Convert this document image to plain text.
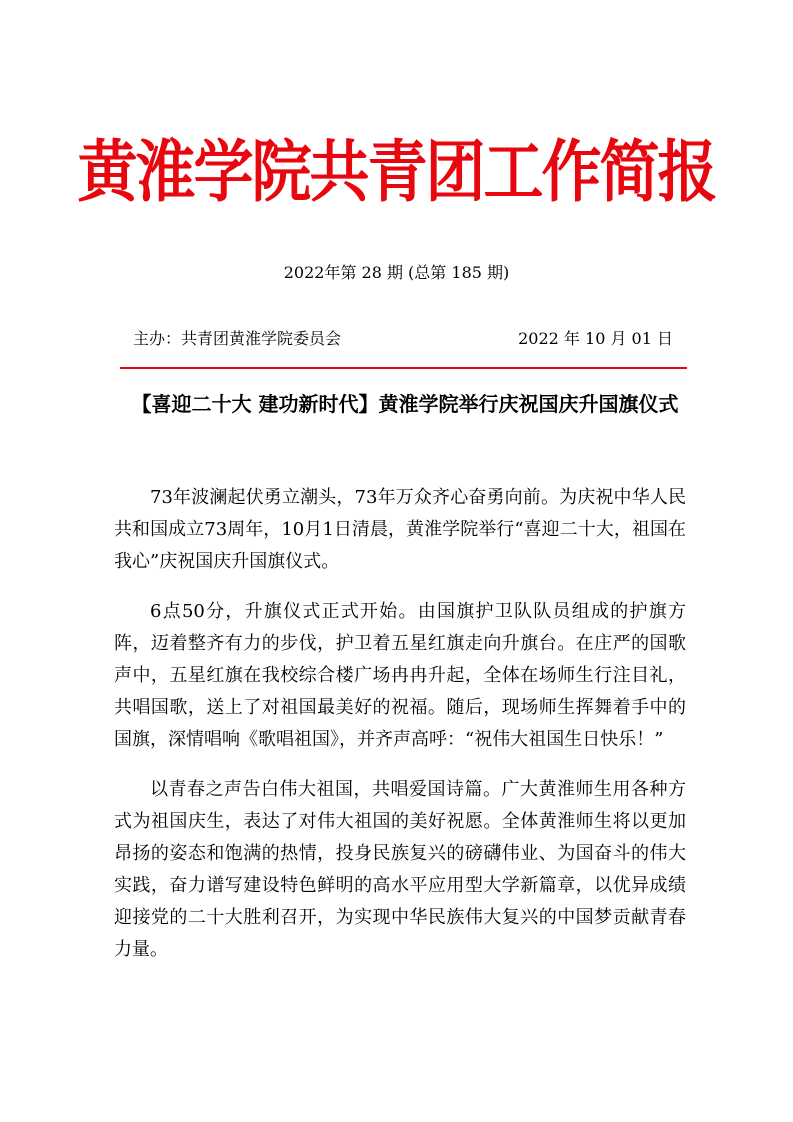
黄淮学院共青团工作简报
2022年第 28 期 (总第 185 期)
主办：共青团黄淮学院委员会	2022 年 10 月 01 日
【喜迎二十大 建功新时代】黄淮学院举行庆祝国庆升国旗仪式

73年波澜起伏勇立潮头，73年万众齐心奋勇向前。为庆祝中华人民共和国成立73周年，10月1日清晨，黄淮学院举行“喜迎二十大，祖国在我心”庆祝国庆升国旗仪式。

6点50分，升旗仪式正式开始。由国旗护卫队队员组成的护旗方阵，迈着整齐有力的步伐，护卫着五星红旗走向升旗台。在庄严的国歌声中，五星红旗在我校综合楼广场冉冉升起，全体在场师生行注目礼，共唱国歌，送上了对祖国最美好的祝福。随后，现场师生挥舞着手中的国旗，深情唱响《歌唱祖国》，并齐声高呼：“祝伟大祖国生日快乐！”

以青春之声告白伟大祖国，共唱爱国诗篇。广大黄淮师生用各种方式为祖国庆生，表达了对伟大祖国的美好祝愿。全体黄淮师生将以更加昂扬的姿态和饱满的热情，投身民族复兴的磅礴伟业、为国奋斗的伟大实践，奋力谱写建设特色鲜明的高水平应用型大学新篇章，以优异成绩迎接党的二十大胜利召开，为实现中华民族伟大复兴的中国梦贡献青春力量。
